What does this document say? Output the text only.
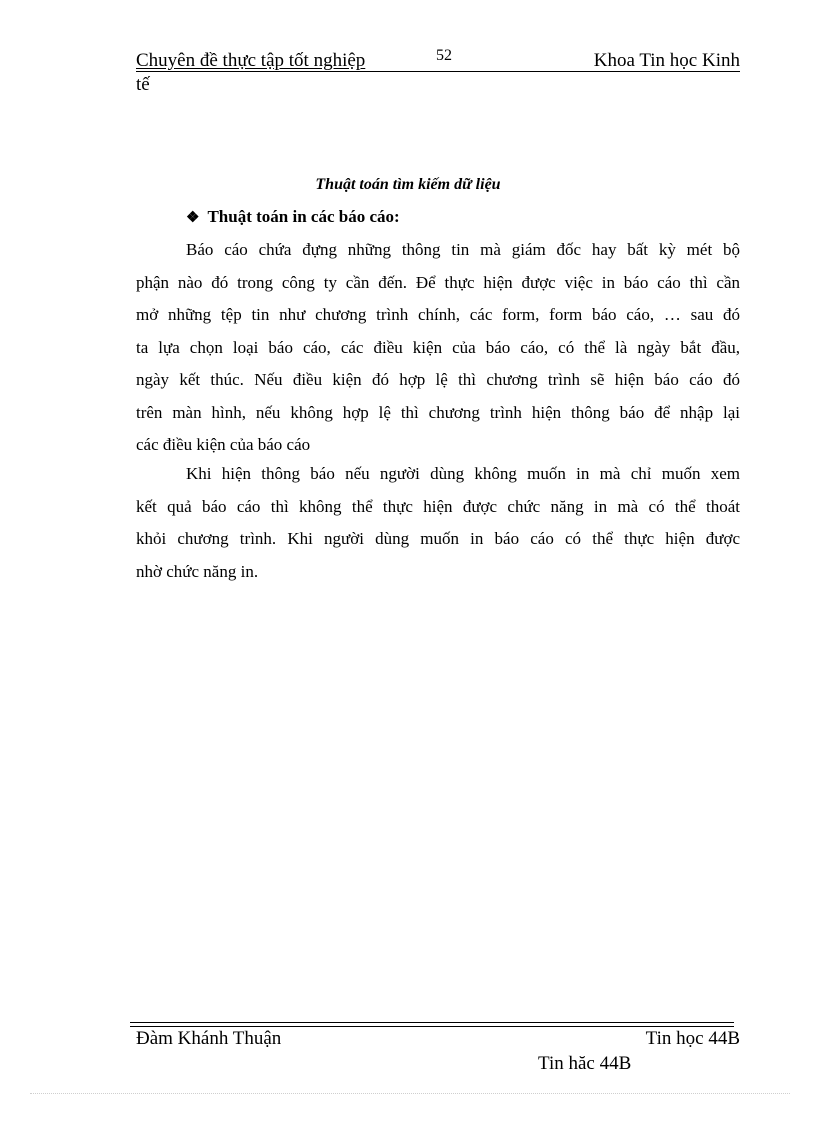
Chuyên đề thực tập tốt nghiệp	52	Khoa Tin học Kinh
tế
Thuật toán tìm kiếm dữ liệu
❖ Thuật toán in các báo cáo:
Báo cáo chứa đựng những thông tin mà giám đốc hay bất kỳ mét bộ
phận nào đó trong công ty cần đến. Để thực hiện được việc in báo cáo thì cần
mở những tệp tin như chương trình chính, các form, form báo cáo, … sau đó
ta lựa chọn loại báo cáo, các điều kiện của báo cáo, có thể là ngày bắt đầu,
ngày kết thúc. Nếu điều kiện đó hợp lệ thì chương trình sẽ hiện báo cáo đó
trên màn hình, nếu không hợp lệ thì chương trình hiện thông báo để nhập lại
các điều kiện của báo cáo
Khi hiện thông báo nếu người dùng không muốn in mà chỉ muốn xem
kết quả báo cáo thì không thể thực hiện được chức năng in mà có thể thoát
khỏi chương trình. Khi người dùng muốn in báo cáo có thể thực hiện được
nhờ chức năng in.
Đàm Khánh Thuận	Tin học 44B
Tin hăc 44B
